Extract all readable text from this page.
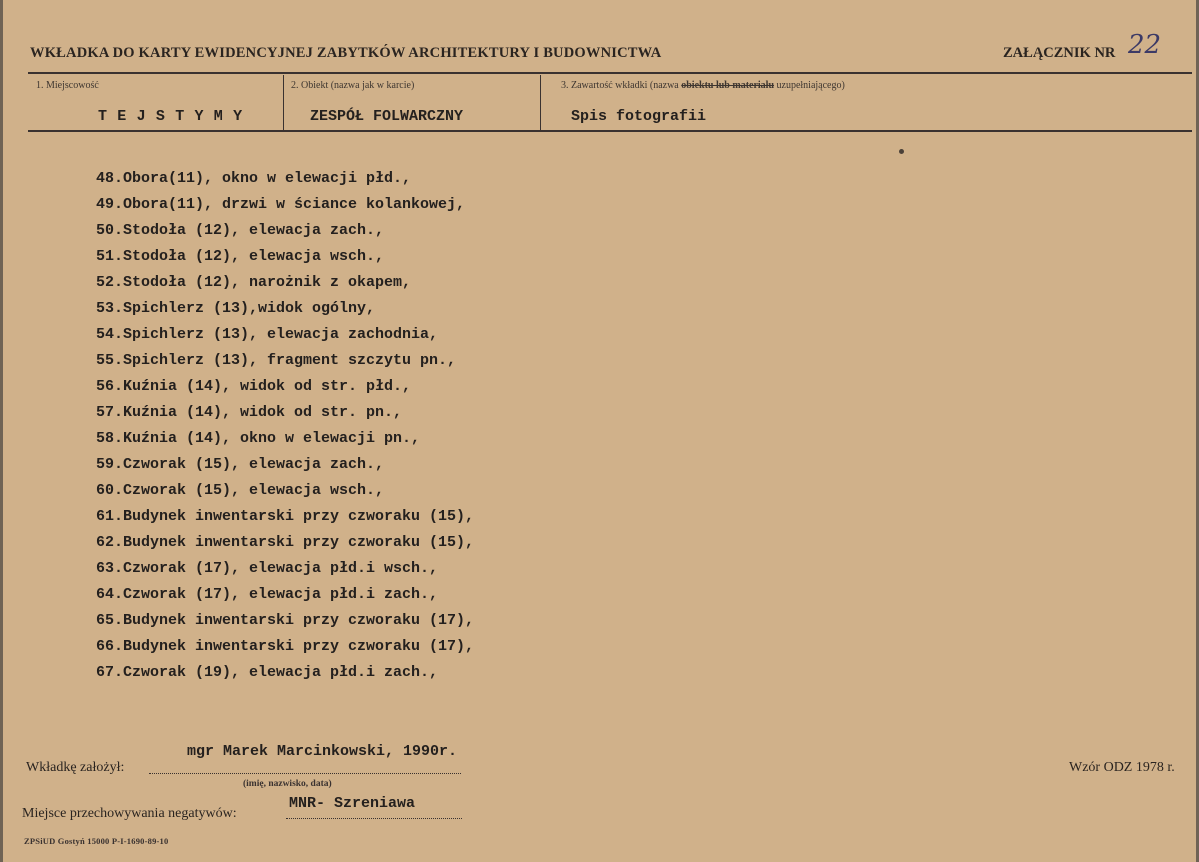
WKŁADKA DO KARTY EWIDENCYJNEJ ZABYTKÓW ARCHITEKTURY I BUDOWNICTWA	ZAŁĄCZNIK NR 22
1. Miejscowość	2. Obiekt (nazwa jak w karcie)	3. Zawartość wkładki (nazwa obiektu lub materiału uzupełniającego)
TEJSTYMY	ZESPÓŁ FOLWARCZNY	Spis fotografii
48.Obora(11), okno w elewacji płd.,
49.Obora(11), drzwi w ściance kolankowej,
50.Stodoła (12), elewacja zach.,
51.Stodoła (12), elewacja wsch.,
52.Stodoła (12), narożnik z okapem,
53.Spichlerz (13),widok ogólny,
54.Spichlerz (13), elewacja zachodnia,
55.Spichlerz (13), fragment szczytu pn.,
56.Kuźnia (14), widok od str. płd.,
57.Kuźnia (14), widok od str. pn.,
58.Kuźnia (14), okno w elewacji pn.,
59.Czworak (15), elewacja zach.,
60.Czworak (15), elewacja wsch.,
61.Budynek inwentarski przy czworaku (15),
62.Budynek inwentarski przy czworaku (15),
63.Czworak (17), elewacja płd.i wsch.,
64.Czworak (17), elewacja płd.i zach.,
65.Budynek inwentarski przy czworaku (17),
66.Budynek inwentarski przy czworaku (17),
67.Czworak (19), elewacja płd.i zach.,
Wkładkę założył:
mgr Marek Marcinkowski, 1990r.
(imię, nazwisko, data)
Miejsce przechowywania negatywów:
MNR- Szreniawa
Wzór ODZ 1978 r.
ZPSiUD Gostyń 15000 P-I-1690-89-10
